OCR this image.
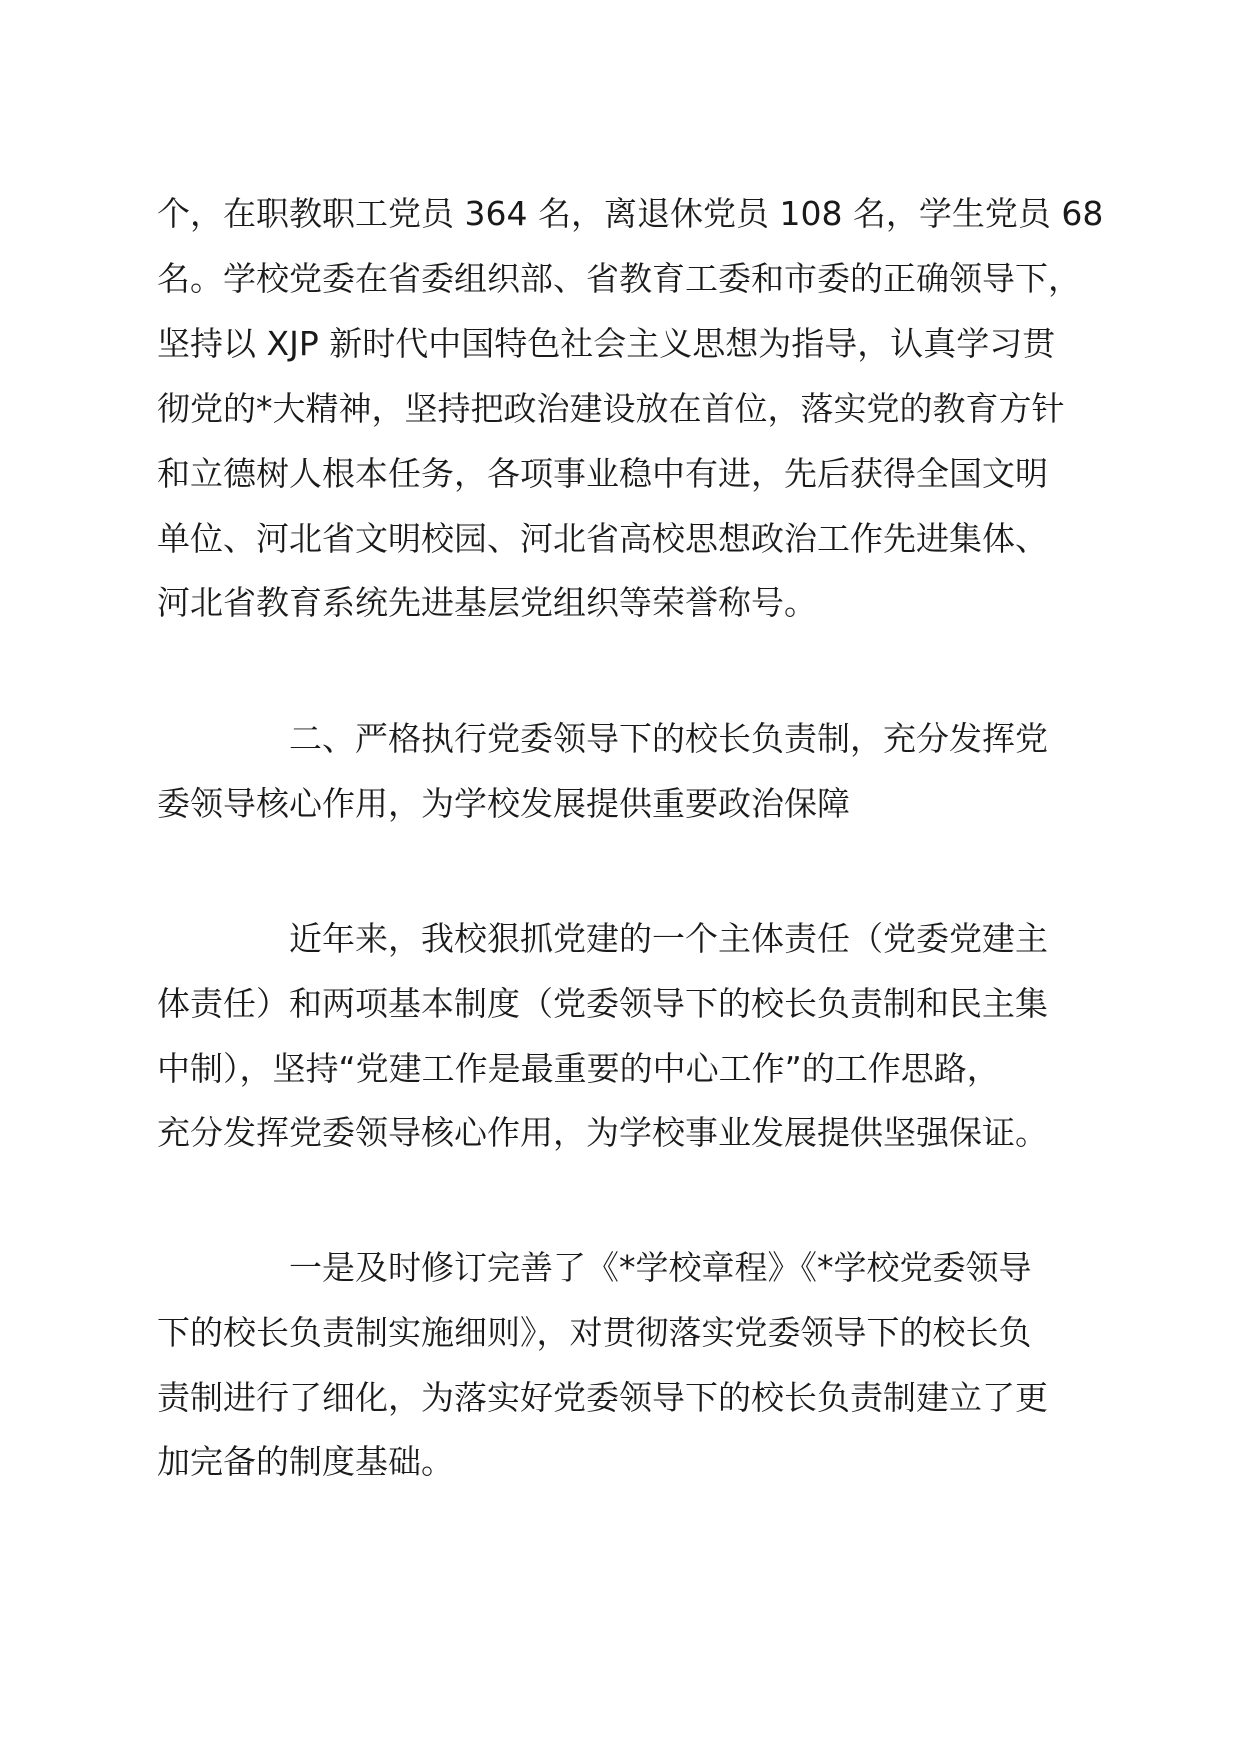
个，在职教职工党员 364 名，离退休党员 108 名，学生党员 68
名。学校党委在省委组织部、省教育工委和市委的正确领导下，
坚持以 XJP 新时代中国特色社会主义思想为指导，认真学习贯
彻党的*大精神，坚持把政治建设放在首位，落实党的教育方针
和立德树人根本任务，各项事业稳中有进，先后获得全国文明
单位、河北省文明校园、河北省高校思想政治工作先进集体、
河北省教育系统先进基层党组织等荣誉称号。
二、严格执行党委领导下的校长负责制，充分发挥党
委领导核心作用，为学校发展提供重要政治保障
近年来，我校狠抓党建的一个主体责任（党委党建主
体责任）和两项基本制度（党委领导下的校长负责制和民主集
中制），坚持“党建工作是最重要的中心工作”的工作思路，
充分发挥党委领导核心作用，为学校事业发展提供坚强保证。
一是及时修订完善了《*学校章程》《*学校党委领导
下的校长负责制实施细则》，对贯彻落实党委领导下的校长负
责制进行了细化，为落实好党委领导下的校长负责制建立了更
加完备的制度基础。
